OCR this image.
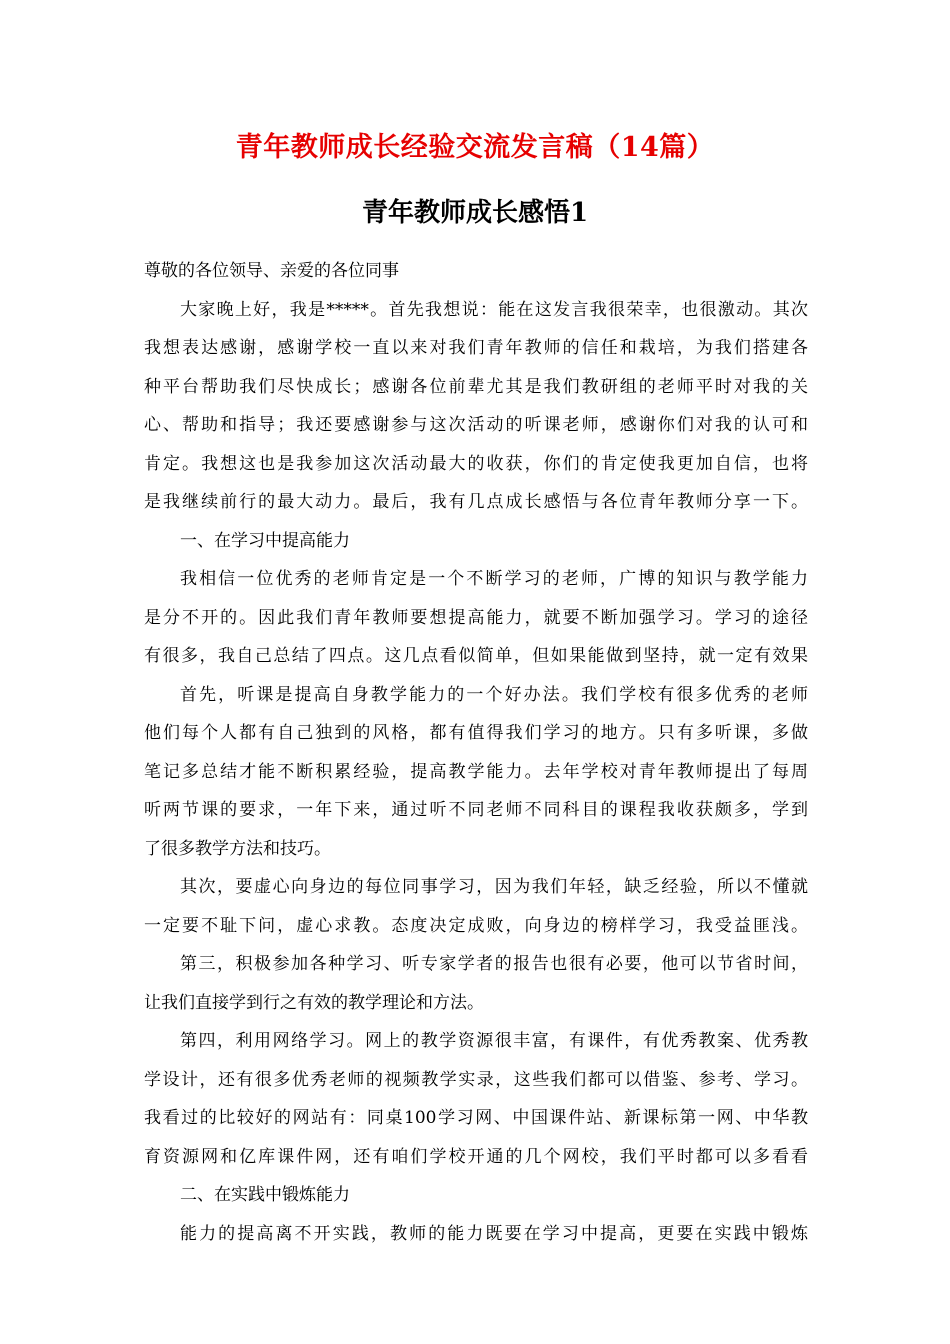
青年教师成长经验交流发言稿（14篇）
青年教师成长感悟1
尊敬的各位领导、亲爱的各位同事
大家晚上好，我是*****。首先我想说：能在这发言我很荣幸，也很激动。其次
我想表达感谢，感谢学校一直以来对我们青年教师的信任和栽培，为我们搭建各
种平台帮助我们尽快成长；感谢各位前辈尤其是我们教研组的老师平时对我的关
心、帮助和指导；我还要感谢参与这次活动的听课老师，感谢你们对我的认可和
肯定。我想这也是我参加这次活动最大的收获，你们的肯定使我更加自信，也将
是我继续前行的最大动力。最后，我有几点成长感悟与各位青年教师分享一下。
一、在学习中提高能力
我相信一位优秀的老师肯定是一个不断学习的老师，广博的知识与教学能力
是分不开的。因此我们青年教师要想提高能力，就要不断加强学习。学习的途径
有很多，我自己总结了四点。这几点看似简单，但如果能做到坚持，就一定有效果
首先，听课是提高自身教学能力的一个好办法。我们学校有很多优秀的老师
他们每个人都有自己独到的风格，都有值得我们学习的地方。只有多听课，多做
笔记多总结才能不断积累经验，提高教学能力。去年学校对青年教师提出了每周
听两节课的要求，一年下来，通过听不同老师不同科目的课程我收获颇多，学到
了很多教学方法和技巧。
其次，要虚心向身边的每位同事学习，因为我们年轻，缺乏经验，所以不懂就
一定要不耻下问，虚心求教。态度决定成败，向身边的榜样学习，我受益匪浅。
第三，积极参加各种学习、听专家学者的报告也很有必要，他可以节省时间，
让我们直接学到行之有效的教学理论和方法。
第四，利用网络学习。网上的教学资源很丰富，有课件，有优秀教案、优秀教
学设计，还有很多优秀老师的视频教学实录，这些我们都可以借鉴、参考、学习。
我看过的比较好的网站有：同桌100学习网、中国课件站、新课标第一网、中华教
育资源网和亿库课件网，还有咱们学校开通的几个网校，我们平时都可以多看看
二、在实践中锻炼能力
能力的提高离不开实践，教师的能力既要在学习中提高，更要在实践中锻炼
